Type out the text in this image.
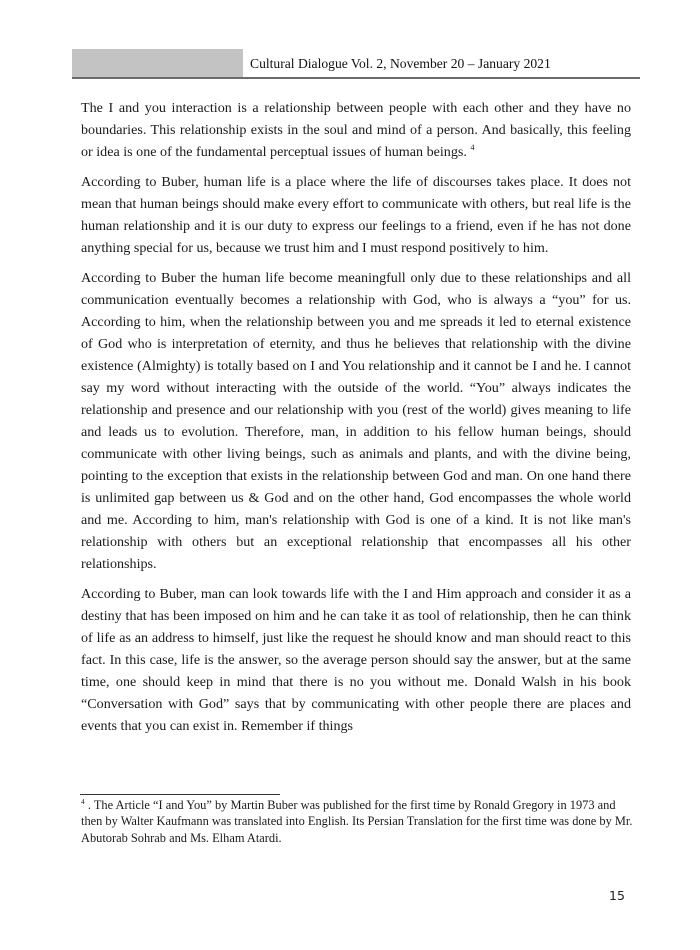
Cultural Dialogue Vol. 2, November 20 – January 2021

The I and you interaction is a relationship between people with each other and they have no boundaries. This relationship exists in the soul and mind of a person. And basically, this feeling or idea is one of the fundamental perceptual issues of human beings. $^4$

According to Buber, human life is a place where the life of discourses takes place. It does not mean that human beings should make every effort to communicate with others, but real life is the human relationship and it is our duty to express our feelings to a friend, even if he has not done anything special for us, because we trust him and I must respond positively to him.

According to Buber the human life become meaningfull only due to these relationships and all communication eventually becomes a relationship with God, who is always a “you” for us. According to him, when the relationship between you and me spreads it led to eternal existence of God who is interpretation of eternity, and thus he believes that relationship with the divine existence (Almighty) is totally based on I and You relationship and it cannot be I and he. I cannot say my word without interacting with the outside of the world. “You” always indicates the relationship and presence and our relationship with you (rest of the world) gives meaning to life and leads us to evolution. Therefore, man, in addition to his fellow human beings, should communicate with other living beings, such as animals and plants, and with the divine being, pointing to the exception that exists in the relationship between God and man. On one hand there is unlimited gap between us & God and on the other hand, God encompasses the whole world and me. According to him, man's relationship with God is one of a kind. It is not like man's relationship with others but an exceptional relationship that encompasses all his other relationships.

According to Buber, man can look towards life with the I and Him approach and consider it as a destiny that has been imposed on him and he can take it as tool of relationship, then he can think of life as an address to himself, just like the request he should know and man should react to this fact. In this case, life is the answer, so the average person should say the answer, but at the same time, one should keep in mind that there is no you without me. Donald Walsh in his book “Conversation with God” says that by communicating with other people there are places and events that you can exist in. Remember if things

$^4$ . The Article “I and You” by Martin Buber was published for the first time by Ronald Gregory in 1973 and then by Walter Kaufmann was translated into English. Its Persian Translation for the first time was done by Mr. Abutorab Sohrab and Ms. Elham Atardi.

15
